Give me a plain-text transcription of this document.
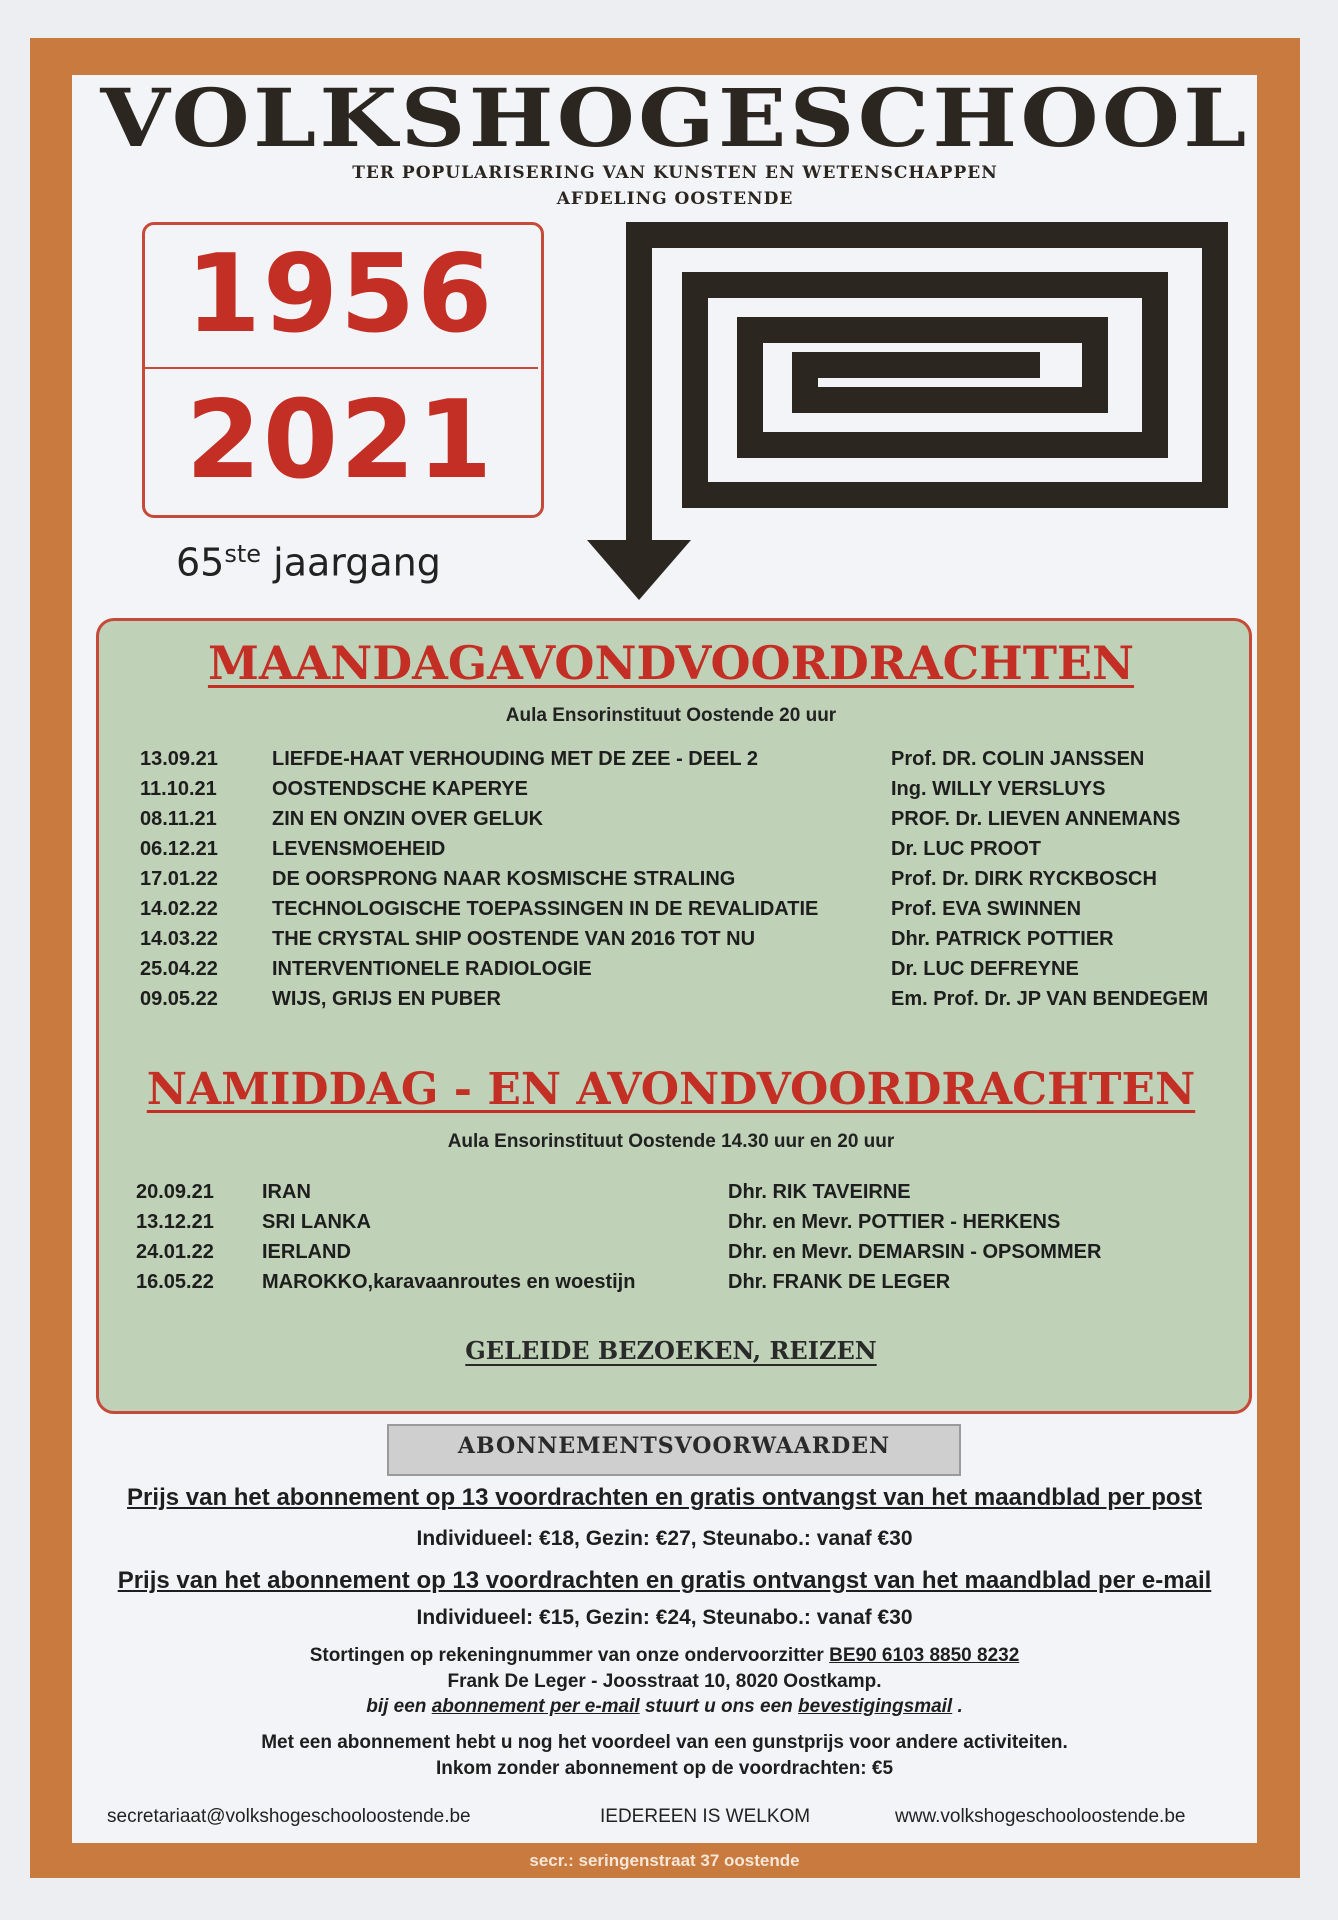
VOLKSHOGESCHOOL
TER POPULARISERING VAN KUNSTEN EN WETENSCHAPPEN
AFDELING OOSTENDE
1956
2021
65ste jaargang
MAANDAGAVONDVOORDRACHTEN
Aula Ensorinstituut Oostende 20 uur
13.09.21	LIEFDE-HAAT VERHOUDING MET DE ZEE - DEEL 2	Prof. DR. COLIN JANSSEN
11.10.21	OOSTENDSCHE KAPERYE	Ing. WILLY VERSLUYS
08.11.21	ZIN EN ONZIN OVER GELUK	PROF. Dr. LIEVEN ANNEMANS
06.12.21	LEVENSMOEHEID	Dr. LUC PROOT
17.01.22	DE OORSPRONG NAAR KOSMISCHE STRALING	Prof. Dr. DIRK RYCKBOSCH
14.02.22	TECHNOLOGISCHE TOEPASSINGEN IN DE REVALIDATIE	Prof. EVA SWINNEN
14.03.22	THE CRYSTAL SHIP OOSTENDE VAN 2016 TOT NU	Dhr. PATRICK POTTIER
25.04.22	INTERVENTIONELE RADIOLOGIE	Dr. LUC DEFREYNE
09.05.22	WIJS, GRIJS EN PUBER	Em. Prof. Dr. JP VAN BENDEGEM
NAMIDDAG - EN AVONDVOORDRACHTEN
Aula Ensorinstituut Oostende 14.30 uur en 20 uur
20.09.21 IRAN	Dhr. RIK TAVEIRNE
13.12.21 SRI LANKA	Dhr. en Mevr. POTTIER - HERKENS
24.01.22 IERLAND	Dhr. en Mevr. DEMARSIN - OPSOMMER
16.05.22 MAROKKO,karavaanroutes en woestijn	Dhr. FRANK DE LEGER
GELEIDE BEZOEKEN, REIZEN
ABONNEMENTSVOORWAARDEN
Prijs van het abonnement op 13 voordrachten en gratis ontvangst van het maandblad per post
Individueel: €18, Gezin: €27, Steunabo.: vanaf €30
Prijs van het abonnement op 13 voordrachten en gratis ontvangst van het maandblad per e-mail
Individueel: €15, Gezin: €24, Steunabo.: vanaf €30
Stortingen op rekeningnummer van onze ondervoorzitter BE90 6103 8850 8232
Frank De Leger - Joosstraat 10, 8020 Oostkamp.
bij een abonnement per e-mail stuurt u ons een bevestigingsmail .
Met een abonnement hebt u nog het voordeel van een gunstprijs voor andere activiteiten.
Inkom zonder abonnement op de voordrachten: €5
secretariaat@volkshogeschooloostende.be	IEDEREEN IS WELKOM	www.volkshogeschooloostende.be
secr.: seringenstraat 37 oostende
